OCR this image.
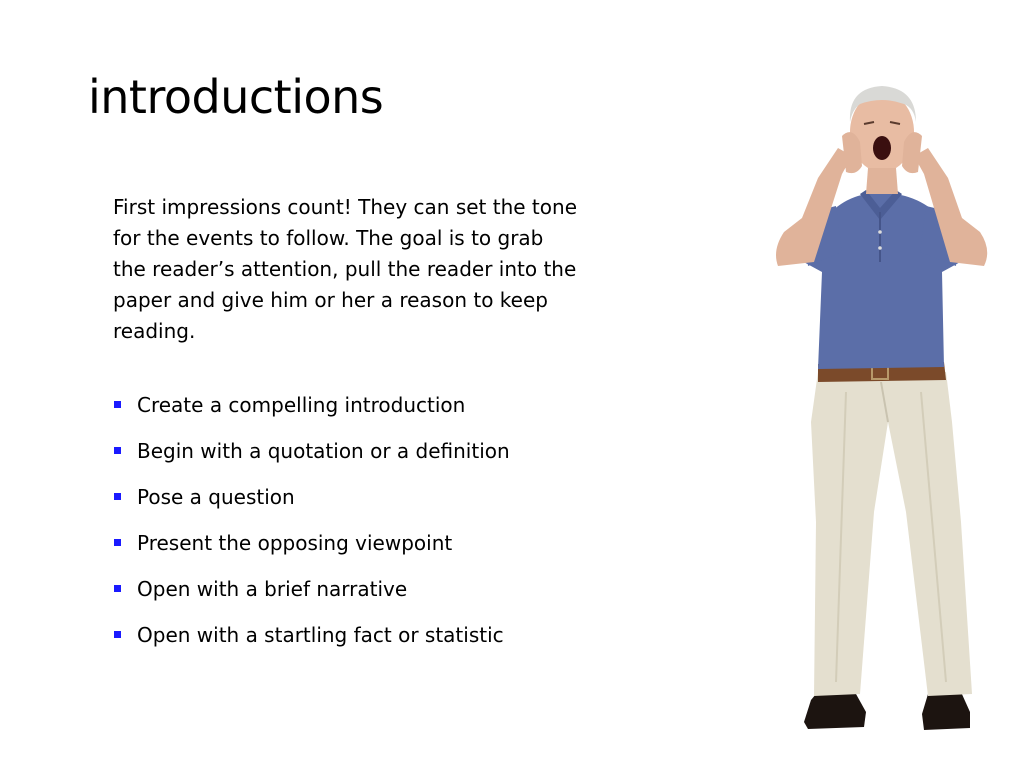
introductions

First impressions count! They can set the tone for the events to follow. The goal is to grab the reader’s attention, pull the reader into the paper and give him or her a reason to keep reading.

Create a compelling introduction
Begin with a quotation or a definition
Pose a question
Present the opposing viewpoint
Open with a brief narrative
Open with a startling fact or statistic
